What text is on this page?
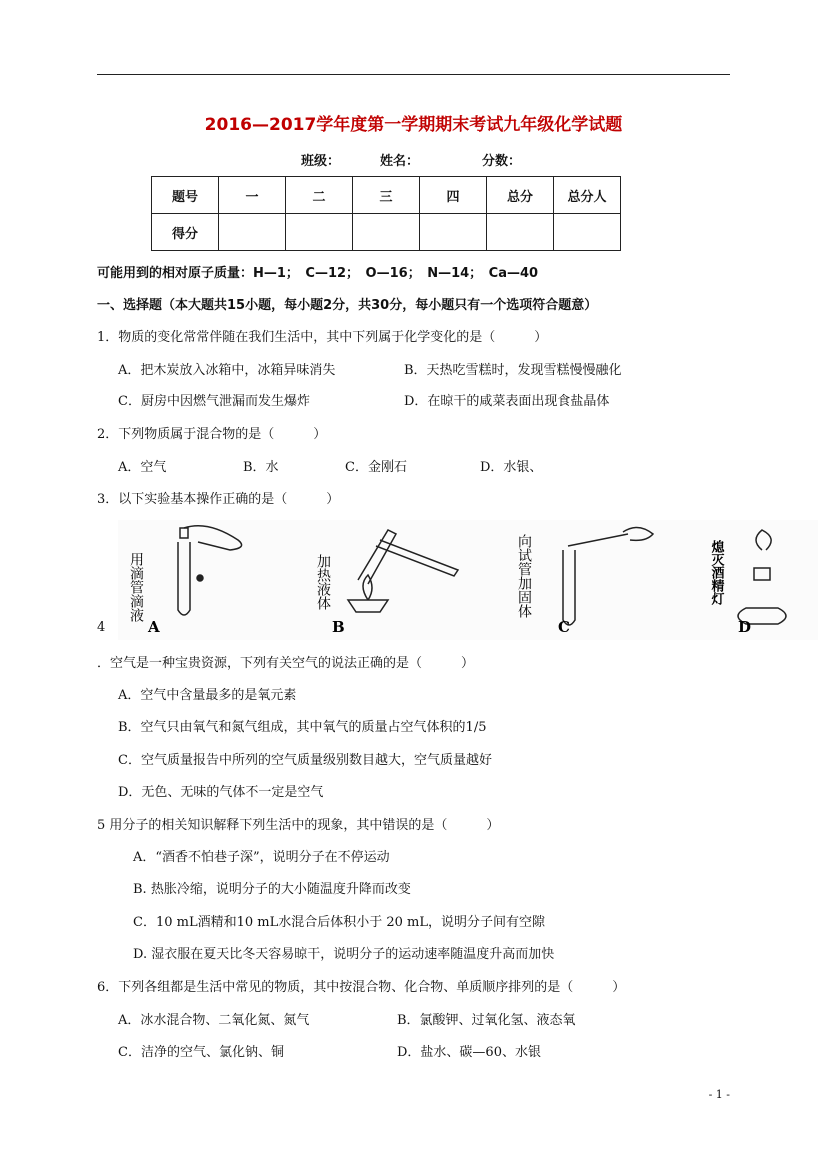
2016—2017学年度第一学期期末考试九年级化学试题
班级：	姓名：	分数：
题号	一	二	三	四	总分	总分人
得分						
可能用到的相对原子质量：H—1；　C—12；　O—16；　N—14；　Ca—40
一、选择题（本大题共15小题，每小题2分，共30分，每小题只有一个选项符合题意）
1．物质的变化常常伴随在我们生活中，其中下列属于化学变化的是（　　　）
A．把木炭放入冰箱中，冰箱异味消失	B．天热吃雪糕时，发现雪糕慢慢融化
C．厨房中因燃气泄漏而发生爆炸	D．在晾干的咸菜表面出现食盐晶体
2．下列物质属于混合物的是（　　　）
A．空气	B．水	C．金刚石	D．水银、
3．以下实验基本操作正确的是（　　　）
用滴管滴液
A
加热液体
B
向试管加固体
C
熄灭酒精灯
D
4
．空气是一种宝贵资源，下列有关空气的说法正确的是（　　　）
A．空气中含量最多的是氧元素
B．空气只由氧气和氮气组成，其中氧气的质量占空气体积的1/5
C．空气质量报告中所列的空气质量级别数目越大，空气质量越好
D．无色、无味的气体不一定是空气
5 用分子的相关知识解释下列生活中的现象，其中错误的是（　　　）
A．“酒香不怕巷子深”，说明分子在不停运动
B. 热胀冷缩，说明分子的大小随温度升降而改变
C．10 mL酒精和10 mL水混合后体积小于 20 mL，说明分子间有空隙
D. 湿衣服在夏天比冬天容易晾干，说明分子的运动速率随温度升高而加快
6．下列各组都是生活中常见的物质，其中按混合物、化合物、单质顺序排列的是（　　　）
A．冰水混合物、二氧化氮、氮气	B．氯酸钾、过氧化氢、液态氧
C．洁净的空气、氯化钠、铜	D．盐水、碳—60、水银
- 1 -
